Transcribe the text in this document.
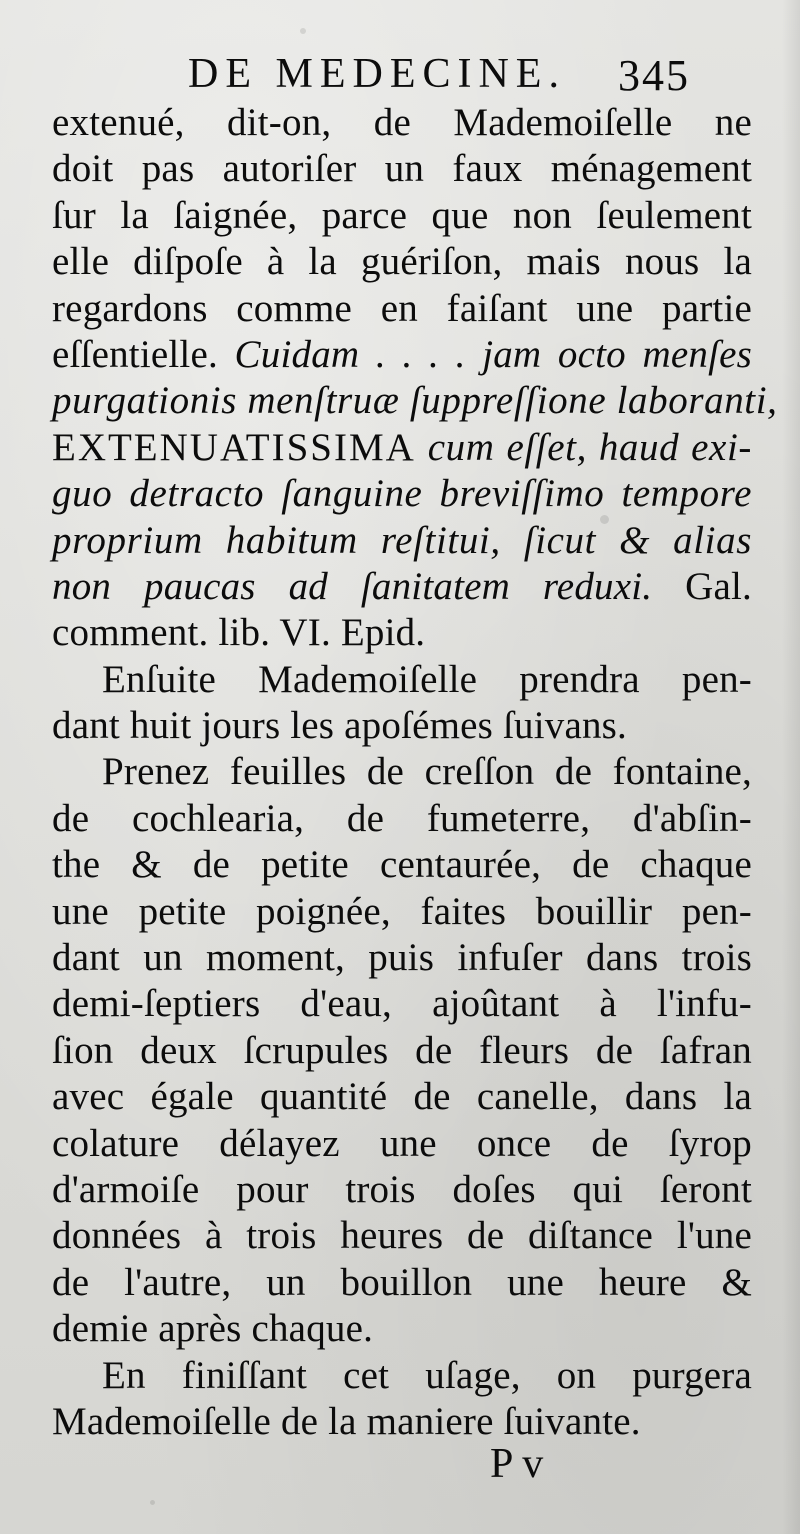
DE MEDECINE. 345
extenué, dit-on, de Mademoiſelle ne
doit pas autoriſer un faux ménagement
ſur la ſaignée, parce que non ſeulement
elle diſpoſe à la guériſon, mais nous la
regardons comme en faiſant une partie
eſſentielle. Cuidam . . . . jam octo menſes
purgationis menſtruæ ſuppreſſione laboranti,
EXTENUATISSIMA cum eſſet, haud exi-
guo detracto ſanguine breviſſimo tempore
proprium habitum reſtitui, ſicut & alias
non paucas ad ſanitatem reduxi. Gal.
comment. lib. VI. Epid.
Enſuite Mademoiſelle prendra pen-
dant huit jours les apoſémes ſuivans.
Prenez feuilles de creſſon de fontaine,
de cochlearia, de fumeterre, d'abſin-
the & de petite centaurée, de chaque
une petite poignée, faites bouillir pen-
dant un moment, puis infuſer dans trois
demi-ſeptiers d'eau, ajoûtant à l'infu-
ſion deux ſcrupules de fleurs de ſafran
avec égale quantité de canelle, dans la
colature délayez une once de ſyrop
d'armoiſe pour trois doſes qui ſeront
données à trois heures de diſtance l'une
de l'autre, un bouillon une heure &
demie après chaque.
En finiſſant cet uſage, on purgera
Mademoiſelle de la maniere ſuivante.
P v
